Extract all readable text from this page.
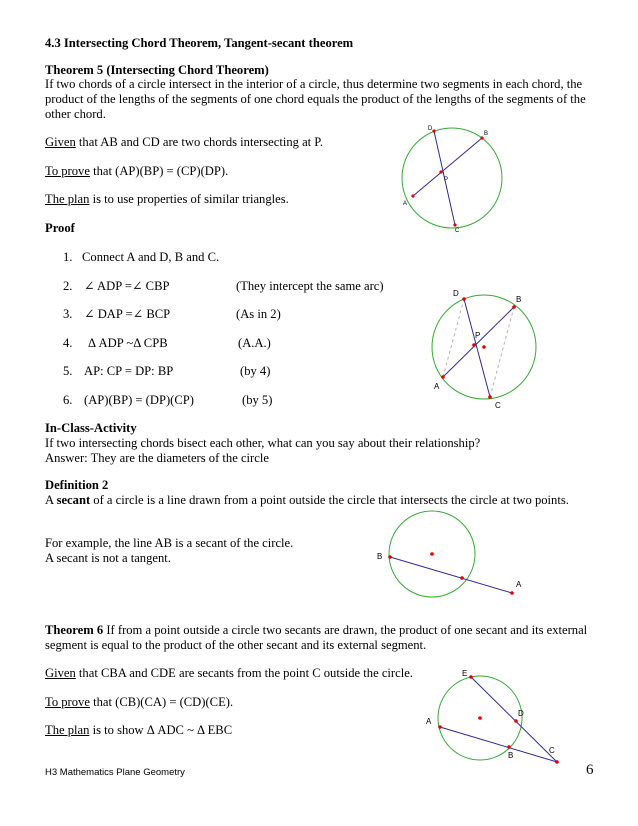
4.3 Intersecting Chord Theorem, Tangent-secant theorem
Theorem 5 (Intersecting Chord Theorem)
If two chords of a circle intersect in the interior of a circle, thus determine two segments in each chord, the
product of the lengths of the segments of one chord equals the product of the lengths of the segments of the
other chord.
Given that AB and CD are two chords intersecting at P.
To prove that (AP)(BP) = (CP)(DP).
The plan is to use properties of similar triangles.
Proof
1. Connect A and D, B and C.
2. ∠ ADP =∠ CBP	(They intercept the same arc)
3. ∠ DAP =∠ BCP	(As in 2)
4. Δ ADP ~Δ CPB	(A.A.)
5. AP: CP = DP: BP	(by 4)
6. (AP)(BP) = (DP)(CP)	(by 5)
In-Class-Activity
If two intersecting chords bisect each other, what can you say about their relationship?
Answer: They are the diameters of the circle
Definition 2
A secant of a circle is a line drawn from a point outside the circle that intersects the circle at two points.
For example, the line AB is a secant of the circle.
A secant is not a tangent.
Theorem 6 If from a point outside a circle two secants are drawn, the product of one secant and its external
segment is equal to the product of the other secant and its external segment.
Given that CBA and CDE are secants from the point C outside the circle.
To prove that (CB)(CA) = (CD)(CE).
The plan is to show Δ ADC ~ Δ EBC
D
B
P
A
C
D
B
P
A
C
B
A
E
A
D
B
C
H3 Mathematics Plane Geometry	6
